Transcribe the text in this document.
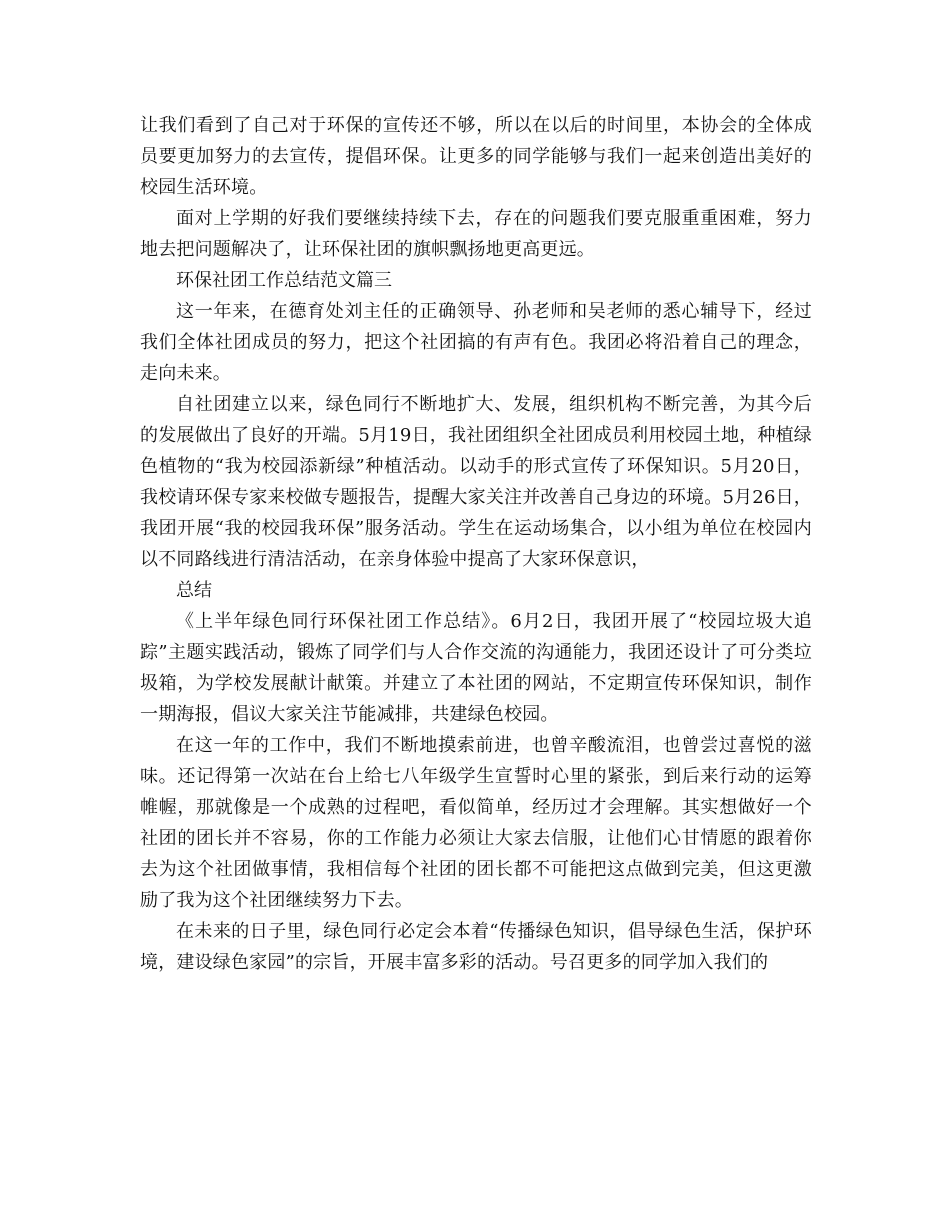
让我们看到了自己对于环保的宣传还不够，所以在以后的时间里，本协会的全体成员要更加努力的去宣传，提倡环保。让更多的同学能够与我们一起来创造出美好的校园生活环境。

面对上学期的好我们要继续持续下去，存在的问题我们要克服重重困难，努力地去把问题解决了，让环保社团的旗帜飘扬地更高更远。

环保社团工作总结范文篇三

这一年来，在德育处刘主任的正确领导、孙老师和吴老师的悉心辅导下，经过我们全体社团成员的努力，把这个社团搞的有声有色。我团必将沿着自己的理念，走向未来。

自社团建立以来，绿色同行不断地扩大、发展，组织机构不断完善，为其今后的发展做出了良好的开端。5月19日，我社团组织全社团成员利用校园土地，种植绿色植物的“我为校园添新绿”种植活动。以动手的形式宣传了环保知识。5月20日，我校请环保专家来校做专题报告，提醒大家关注并改善自己身边的环境。5月26日，我团开展“我的校园我环保”服务活动。学生在运动场集合，以小组为单位在校园内以不同路线进行清洁活动，在亲身体验中提高了大家环保意识，

总结

《上半年绿色同行环保社团工作总结》。6月2日，我团开展了“校园垃圾大追踪”主题实践活动，锻炼了同学们与人合作交流的沟通能力，我团还设计了可分类垃圾箱，为学校发展献计献策。并建立了本社团的网站，不定期宣传环保知识，制作一期海报，倡议大家关注节能减排，共建绿色校园。

在这一年的工作中，我们不断地摸索前进，也曾辛酸流泪，也曾尝过喜悦的滋味。还记得第一次站在台上给七八年级学生宣誓时心里的紧张，到后来行动的运筹帷幄，那就像是一个成熟的过程吧，看似简单，经历过才会理解。其实想做好一个社团的团长并不容易，你的工作能力必须让大家去信服，让他们心甘情愿的跟着你去为这个社团做事情，我相信每个社团的团长都不可能把这点做到完美，但这更激励了我为这个社团继续努力下去。

在未来的日子里，绿色同行必定会本着“传播绿色知识，倡导绿色生活，保护环境，建设绿色家园”的宗旨，开展丰富多彩的活动。号召更多的同学加入我们的
